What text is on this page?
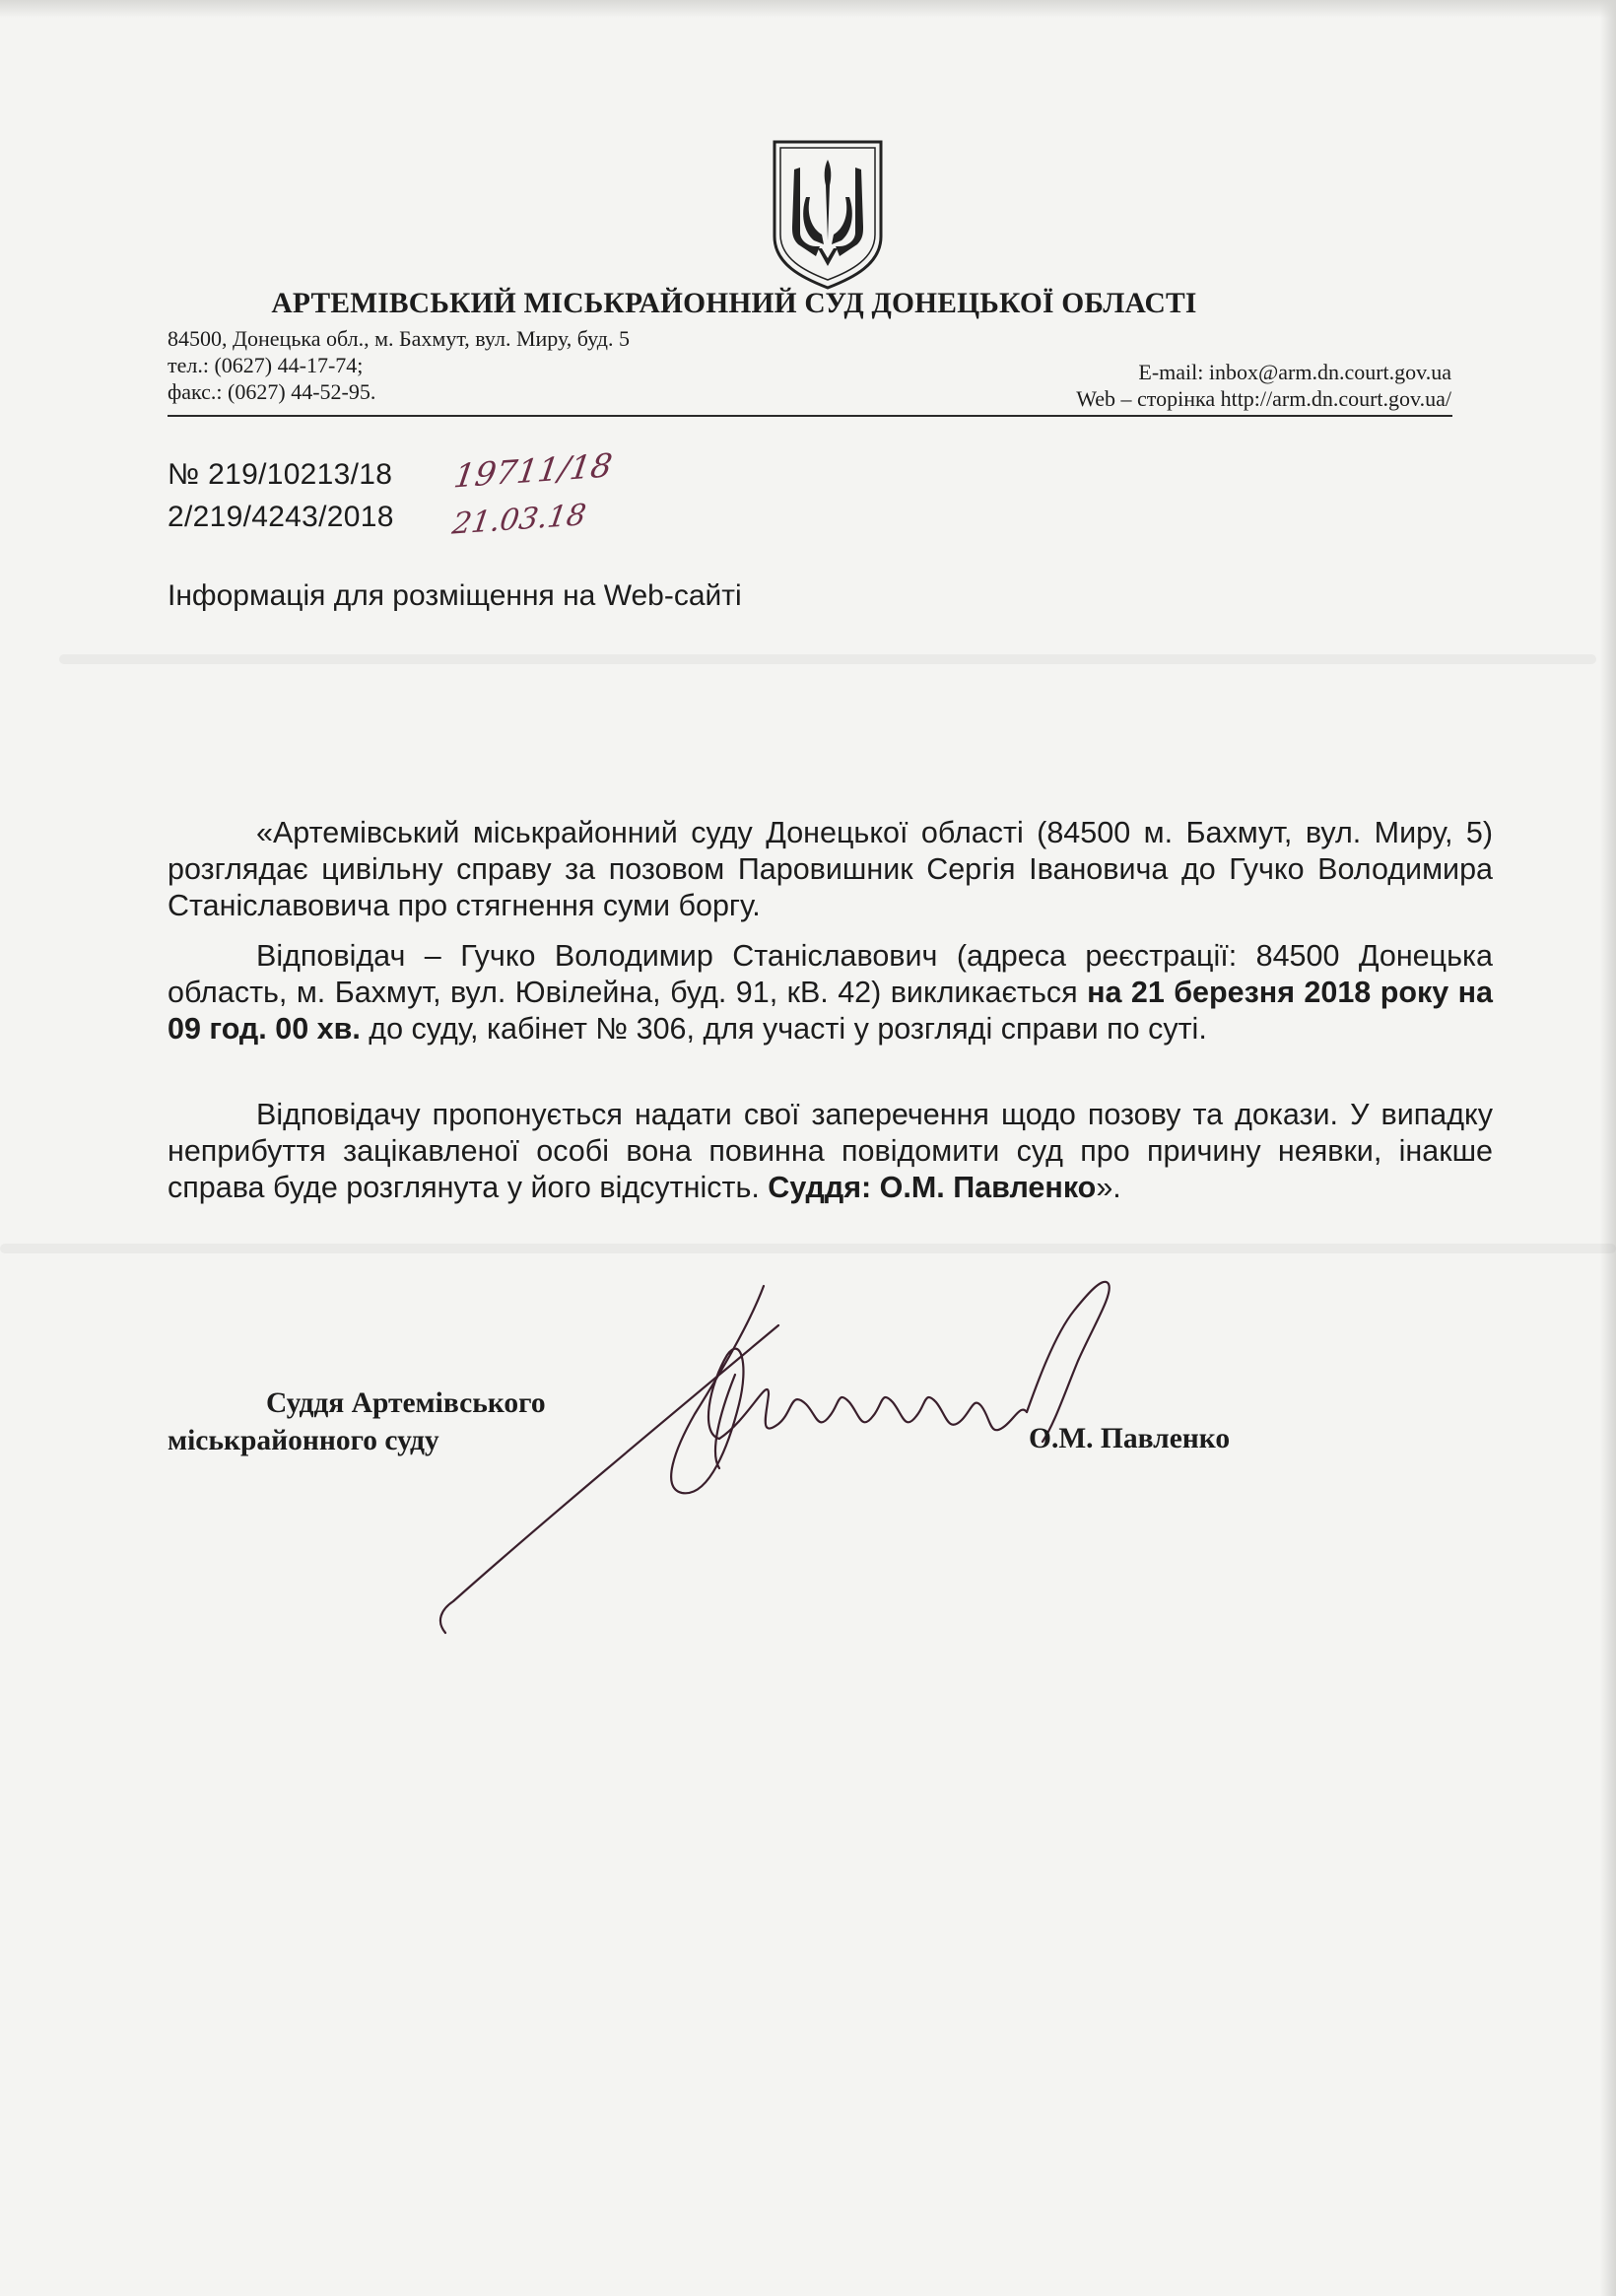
АРТЕМІВСЬКИЙ МІСЬКРАЙОННИЙ СУД ДОНЕЦЬКОЇ ОБЛАСТІ
84500, Донецька обл., м. Бахмут, вул. Миру, буд. 5
тел.: (0627) 44-17-74;
факс.: (0627) 44-52-95.
E-mail: inbox@arm.dn.court.gov.ua
Web – сторінка http://arm.dn.court.gov.ua/

№ 219/10213/18 19711/18

2/219/4243/2018 21.03.18

Інформація для розміщення на Web-сайті

«Артемівський міськрайонний суду Донецької області (84500 м. Бахмут, вул. Миру, 5) розглядає цивільну справу за позовом Паровишник Сергія Івановича до Гучко Володимира Станіславовича про стягнення суми боргу.

Відповідач – Гучко Володимир Станіславович (адреса реєстрації: 84500 Донецька область, м. Бахмут, вул. Ювілейна, буд. 91, кВ. 42) викликається на 21 березня 2018 року на 09 год. 00 хв. до суду, кабінет № 306, для участі у розгляді справи по суті.

Відповідачу пропонується надати свої заперечення щодо позову та докази. У випадку неприбуття зацікавленої особі вона повинна повідомити суд про причину неявки, інакше справа буде розглянута у його відсутність. Суддя: О.М. Павленко».

Суддя Артемівського
міськрайонного суду	О.М. Павленко
